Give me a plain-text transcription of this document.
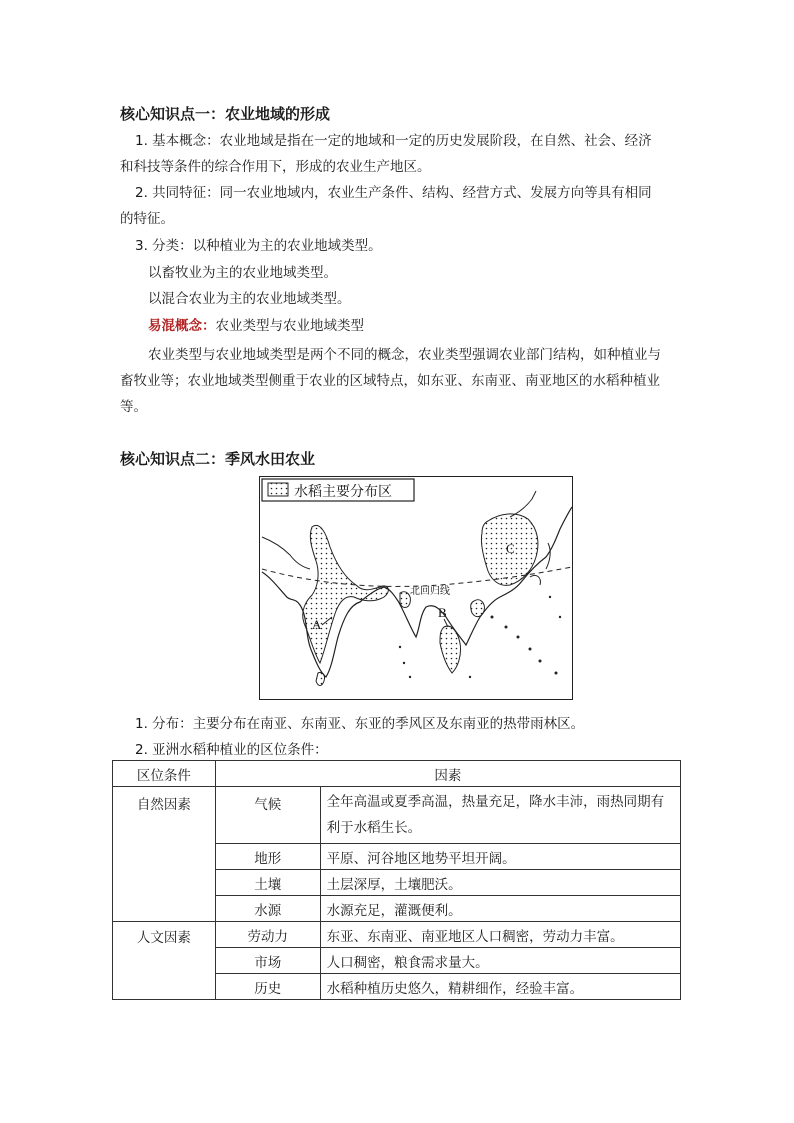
核心知识点一：农业地域的形成
1. 基本概念：农业地域是指在一定的地域和一定的历史发展阶段，在自然、社会、经济
和科技等条件的综合作用下，形成的农业生产地区。
2. 共同特征：同一农业地域内，农业生产条件、结构、经营方式、发展方向等具有相同
的特征。
3. 分类：以种植业为主的农业地域类型。
以畜牧业为主的农业地域类型。
以混合农业为主的农业地域类型。
易混概念：农业类型与农业地域类型
农业类型与农业地域类型是两个不同的概念，农业类型强调农业部门结构，如种植业与
畜牧业等；农业地域类型侧重于农业的区域特点，如东亚、东南亚、南亚地区的水稻种植业
等。
核心知识点二：季风水田农业
水稻主要分布区
北回归线
A
B
C
1. 分布：主要分布在南亚、东南亚、东亚的季风区及东南亚的热带雨林区。
2. 亚洲水稻种植业的区位条件：
区位条件	因素	
自然因素	气候	全年高温或夏季高温，热量充足，降水丰沛，雨热同期有
利于水稻生长。

	地形	平原、河谷地区地势平坦开阔。
	土壤	土层深厚，土壤肥沃。
	水源	水源充足，灌溉便利。
人文因素	劳动力	东亚、东南亚、南亚地区人口稠密，劳动力丰富。
	市场	人口稠密，粮食需求量大。
	历史	水稻种植历史悠久，精耕细作，经验丰富。
